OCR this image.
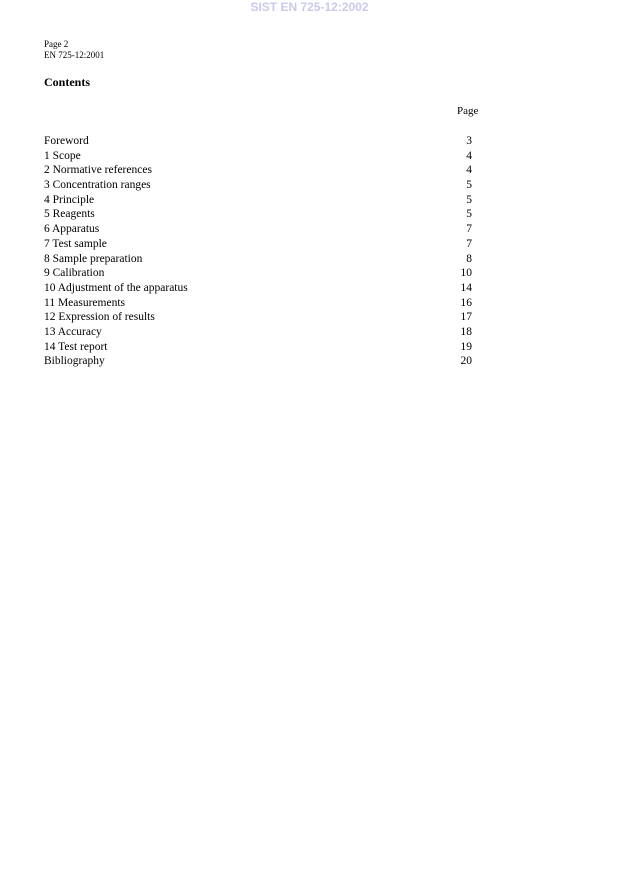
SIST EN 725-12:2002
Page 2
EN 725-12:2001
Contents
Page
Foreword	3
1 Scope	4
2 Normative references	4
3 Concentration ranges	5
4 Principle	5
5 Reagents	5
6 Apparatus	7
7 Test sample	7
8 Sample preparation	8
9 Calibration	10
10 Adjustment of the apparatus	14
11 Measurements	16
12 Expression of results	17
13 Accuracy	18
14 Test report	19
Bibliography	20
